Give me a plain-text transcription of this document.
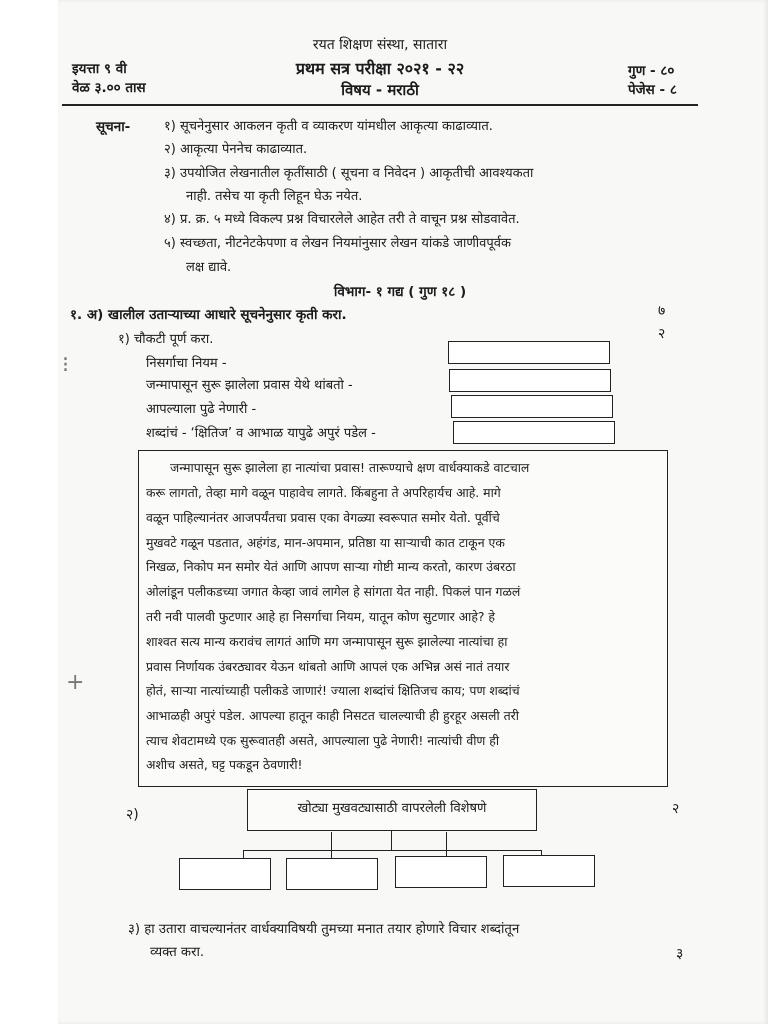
⁝
+
रयत शिक्षण संस्था, सातारा
इयत्ता ९ वी
वेळ ३.०० तास
प्रथम सत्र परीक्षा २०२१ - २२
विषय - मराठी
गुण - ८०
पेजेस - ८
सूचना-	१) सूचनेनुसार आकलन कृती व व्याकरण यांमधील आकृत्या काढाव्यात.
२) आकृत्या पेननेच काढाव्यात.
३) उपयोजित लेखनातील कृतींसाठी ( सूचना व निवेदन ) आकृतीची आवश्यकता
नाही. तसेच या कृती लिहून घेऊ नयेत.
४) प्र. क्र. ५ मध्ये विकल्प प्रश्न विचारलेले आहेत तरी ते वाचून प्रश्न सोडवावेत.
५) स्वच्छता, नीटनेटकेपणा व लेखन नियमांनुसार लेखन यांकडे जाणीवपूर्वक
लक्ष द्यावे.
विभाग- १ गद्य ( गुण १८ )
१. अ) खालील उताऱ्याच्या आधारे सूचनेनुसार कृती करा.	७
१) चौकटी पूर्ण करा.	२
निसर्गाचा नियम -
जन्मापासून सुरू झालेला प्रवास येथे थांबतो -
आपल्याला पुढे नेणारी -
शब्दांचं - ‘क्षितिज’ व आभाळ यापुढे अपुरं पडेल -
जन्मापासून सुरू झालेला हा नात्यांचा प्रवास! तारूण्याचे क्षण वार्धक्याकडे वाटचाल
करू लागतो, तेव्हा मागे वळून पाहावेच लागते. किंबहुना ते अपरिहार्यच आहे. मागे
वळून पाहिल्यानंतर आजपर्यंतचा प्रवास एका वेगळ्या स्वरूपात समोर येतो. पूर्वीचे
मुखवटे गळून पडतात, अहंगंड, मान-अपमान, प्रतिष्ठा या साऱ्याची कात टाकून एक
निखळ, निकोप मन समोर येतं आणि आपण साऱ्या गोष्टी मान्य करतो, कारण उंबरठा
ओलांडून पलीकडच्या जगात केव्हा जावं लागेल हे सांगता येत नाही. पिकलं पान गळलं
तरी नवी पालवी फुटणार आहे हा निसर्गाचा नियम, यातून कोण सुटणार आहे? हे
शाश्वत सत्य मान्य करावंच लागतं आणि मग जन्मापासून सुरू झालेल्या नात्यांचा हा
प्रवास निर्णायक उंबरठ्यावर येऊन थांबतो आणि आपलं एक अभिन्न असं नातं तयार
होतं, साऱ्या नात्यांच्याही पलीकडे जाणारं! ज्याला शब्दांचं क्षितिजच काय; पण शब्दांचं
आभाळही अपुरं पडेल. आपल्या हातून काही निसटत चालल्याची ही हुरहूर असली तरी
त्याच शेवटामध्ये एक सुरूवातही असते, आपल्याला पुढे नेणारी! नात्यांची वीण ही
अशीच असते, घट्ट पकडून ठेवणारी!
२)	२
खोट्या मुखवट्यासाठी वापरलेली विशेषणे
३) हा उतारा वाचल्यानंतर वार्धक्याविषयी तुमच्या मनात तयार होणारे विचार शब्दांतून
व्यक्त करा.	३
